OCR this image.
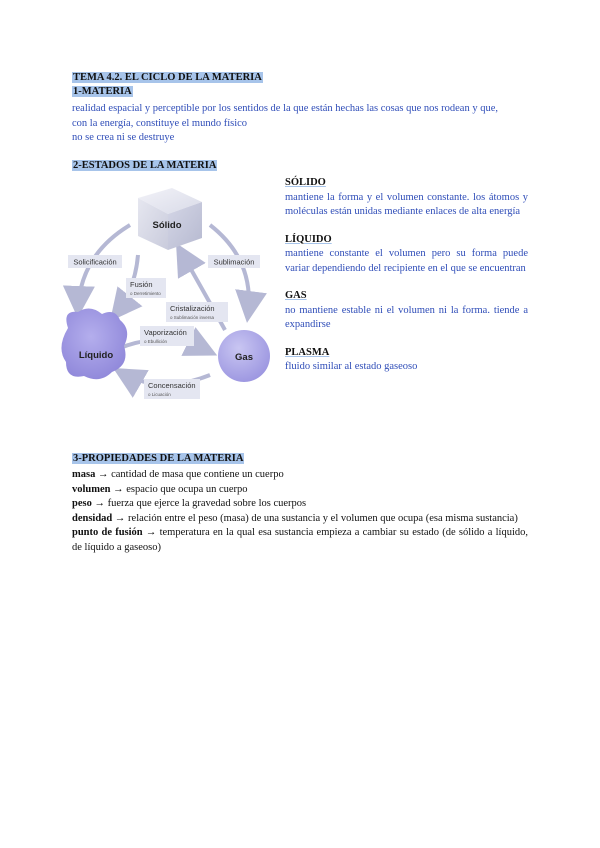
TEMA 4.2. EL CICLO DE LA MATERIA
1-MATERIA

realidad espacial y perceptible por los sentidos de la que están hechas las cosas que nos rodean y que,

con la energía, constituye el mundo físico

no se crea ni se destruye

2-ESTADOS DE LA MATERIA
Sólido
Líquido	Gas
Solicificación	Sublimación
Fusión
o Derretimiento
Cristalización
o Sublimación inversa
Vaporización
o Ebullición
Concensación
o Licuación

SÓLIDO

mantiene la forma y el volumen constante. los átomos y moléculas están unidas mediante enlaces de alta energía

LÍQUIDO

mantiene constante el volumen pero su forma puede variar dependiendo del recipiente en el que se encuentran

GAS

no mantiene estable ni el volumen ni la forma. tiende a expandirse

PLASMA

fluido similar al estado gaseoso

3-PROPIEDADES DE LA MATERIA

masa → cantidad de masa que contiene un cuerpo

volumen → espacio que ocupa un cuerpo

peso → fuerza que ejerce la gravedad sobre los cuerpos

densidad → relación entre el peso (masa) de una sustancia y el volumen que ocupa (esa misma sustancia)

punto de fusión → temperatura en la qual esa sustancia empieza a cambiar su estado (de sólido a líquido, de líquido a gaseoso)
